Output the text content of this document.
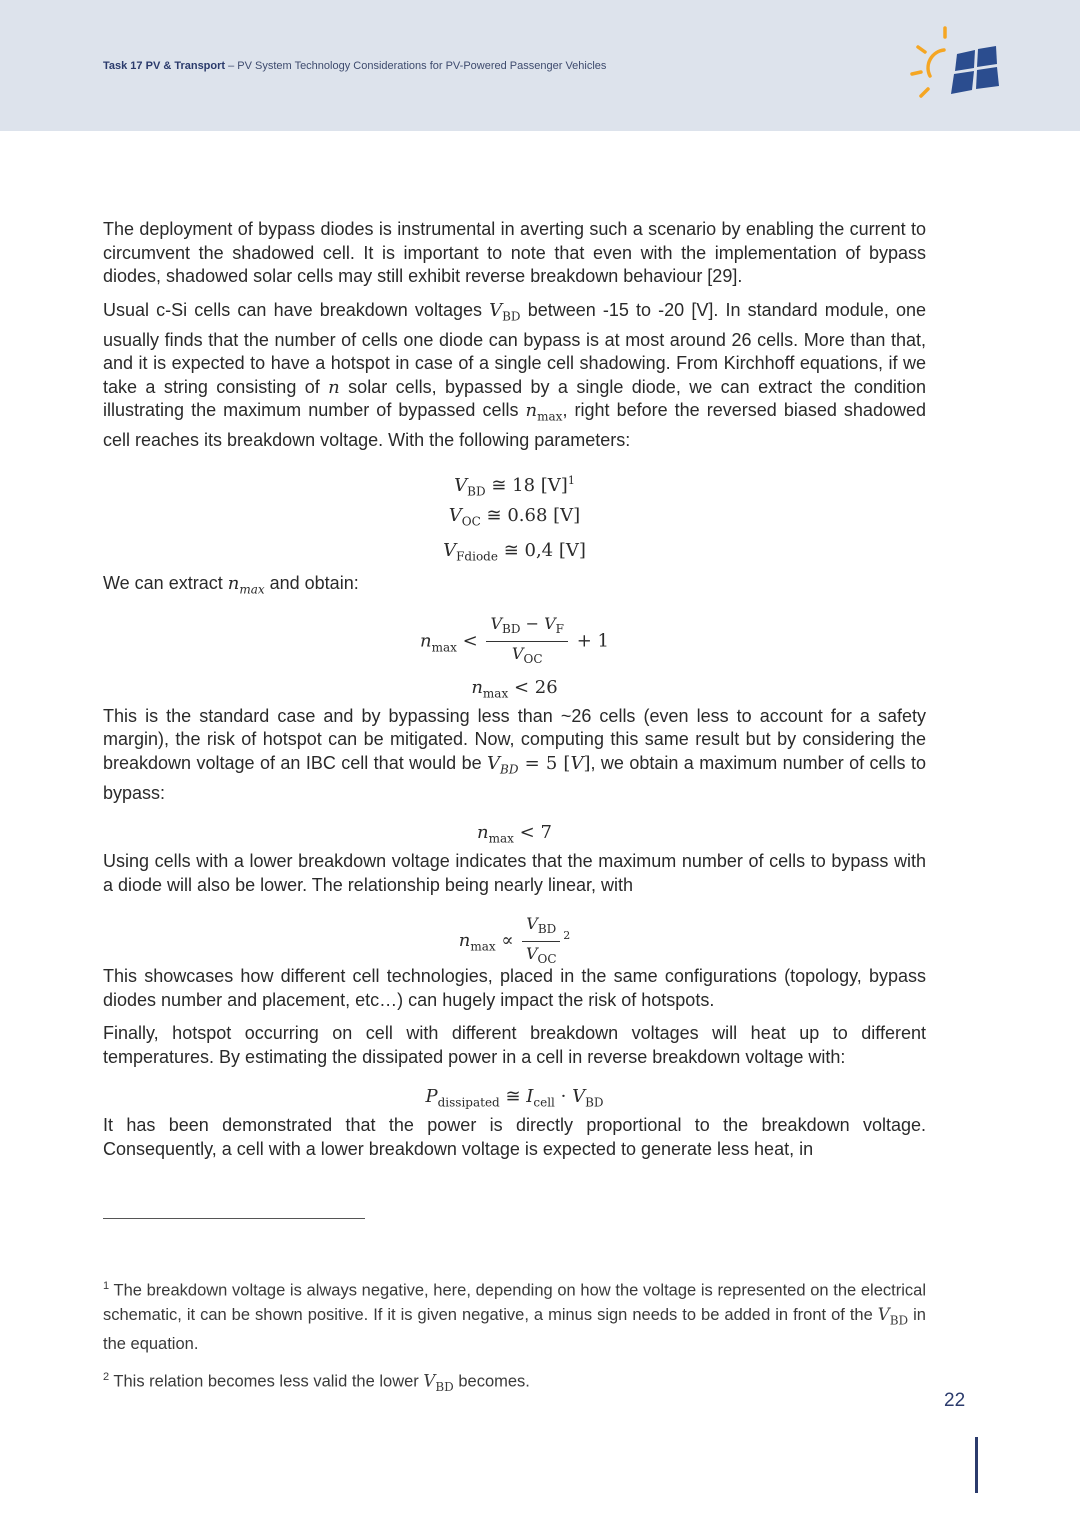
Task 17 PV & Transport – PV System Technology Considerations for PV-Powered Passenger Vehicles

The deployment of bypass diodes is instrumental in averting such a scenario by enabling the current to circumvent the shadowed cell. It is important to note that even with the implementation of bypass diodes, shadowed solar cells may still exhibit reverse breakdown behaviour [29].

Usual c-Si cells can have breakdown voltages $V_{BD}$ between -15 to -20 [V]. In standard module, one usually finds that the number of cells one diode can bypass is at most around 26 cells. More than that, and it is expected to have a hotspot in case of a single cell shadowing. From Kirchhoff equations, if we take a string consisting of n solar cells, bypassed by a single diode, we can extract the condition illustrating the maximum number of bypassed cells $n_{max}$, right before the reversed biased shadowed cell reaches its breakdown voltage. With the following parameters:

$V_{BD}$ ≅ 18 $[V]^1$
$V_{OC}$ ≅ 0.68 [V]
$V_{Fdiode}$ ≅ 0,4 [V]

We can extract $n_{max}$ and obtain:

$n_{max} < \frac{V_{BD} - V_F}{V_{OC}} + 1$
$n_{max} < 26$

This is the standard case and by bypassing less than ~26 cells (even less to account for a safety margin), the risk of hotspot can be mitigated. Now, computing this same result but by considering the breakdown voltage of an IBC cell that would be $V_{BD} = 5$ [V], we obtain a maximum number of cells to bypass:

$n_{max} < 7$

Using cells with a lower breakdown voltage indicates that the maximum number of cells to bypass with a diode will also be lower. The relationship being nearly linear, with

$n_{max} \propto \frac{V_{BD}}{V_{OC}} ^2$

This showcases how different cell technologies, placed in the same configurations (topology, bypass diodes number and placement, etc…) can hugely impact the risk of hotspots.

Finally, hotspot occurring on cell with different breakdown voltages will heat up to different temperatures. By estimating the dissipated power in a cell in reverse breakdown voltage with:

$P_{dissipated}$ ≅ $I_{cell} \cdot V_{BD}$

It has been demonstrated that the power is directly proportional to the breakdown voltage. Consequently, a cell with a lower breakdown voltage is expected to generate less heat, in

$^1$ The breakdown voltage is always negative, here, depending on how the voltage is represented on the electrical schematic, it can be shown positive. If it is given negative, a minus sign needs to be added in front of the $V_{BD}$ in the equation.

$^2$ This relation becomes less valid the lower $V_{BD}$ becomes.

22
